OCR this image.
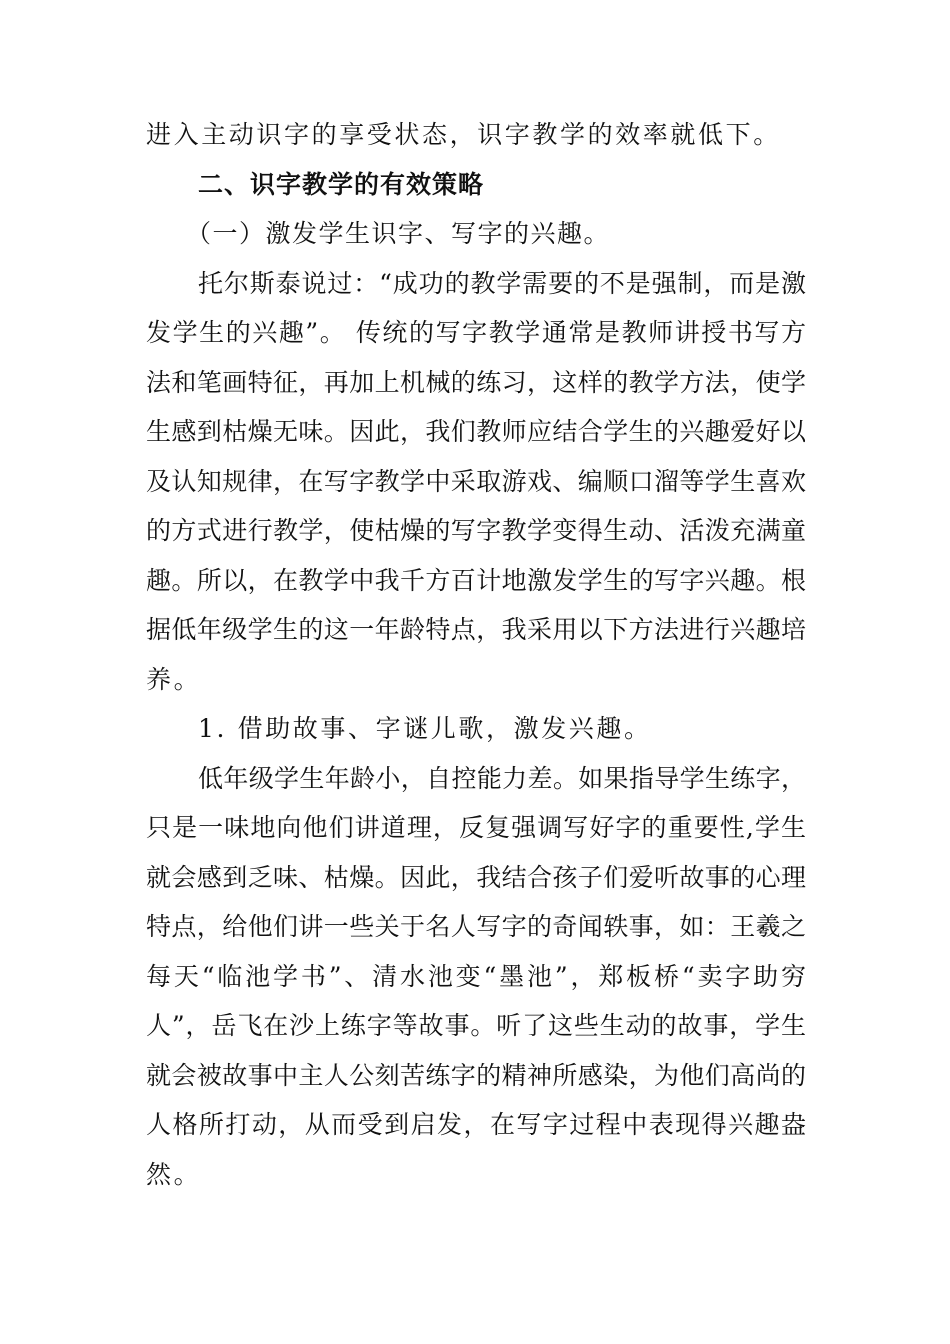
进入主动识字的享受状态，识字教学的效率就低下。
二、识字教学的有效策略
（一）激发学生识字、写字的兴趣。
托尔斯泰说过：“成功的教学需要的不是强制，而是激
发学生的兴趣”。 传统的写字教学通常是教师讲授书写方
法和笔画特征，再加上机械的练习，这样的教学方法，使学
生感到枯燥无味。因此，我们教师应结合学生的兴趣爱好以
及认知规律，在写字教学中采取游戏、编顺口溜等学生喜欢
的方式进行教学，使枯燥的写字教学变得生动、活泼充满童
趣。所以，在教学中我千方百计地激发学生的写字兴趣。根
据低年级学生的这一年龄特点，我采用以下方法进行兴趣培
养。
1. 借助故事、字谜儿歌，激发兴趣。
低年级学生年龄小，自控能力差。如果指导学生练字，
只是一味地向他们讲道理，反复强调写好字的重要性,学生
就会感到乏味、枯燥。因此，我结合孩子们爱听故事的心理
特点，给他们讲一些关于名人写字的奇闻轶事，如：王羲之
每天“临池学书”、清水池变“墨池”，郑板桥“卖字助穷
人”，岳飞在沙上练字等故事。听了这些生动的故事，学生
就会被故事中主人公刻苦练字的精神所感染，为他们高尚的
人格所打动，从而受到启发，在写字过程中表现得兴趣盎
然。
